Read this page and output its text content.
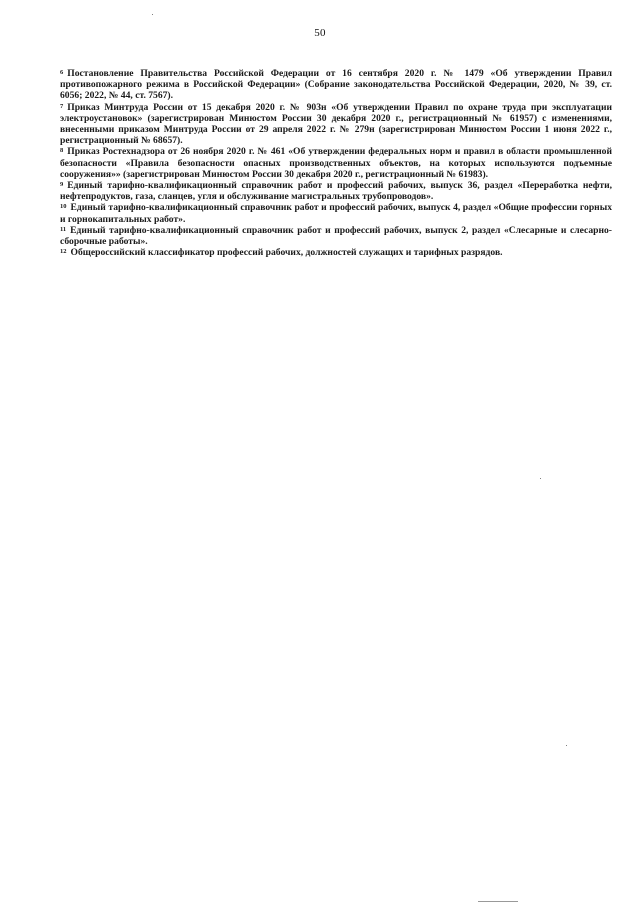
50

$^6$ Постановление Правительства Российской Федерации от 16 сентября 2020 г. № 1479 «Об утверждении Правил противопожарного режима в Российской Федерации» (Собрание законодательства Российской Федерации, 2020, № 39, ст. 6056; 2022, № 44, ст. 7567).

$^7$ Приказ Минтруда России от 15 декабря 2020 г. № 903н «Об утверждении Правил по охране труда при эксплуатации электроустановок» (зарегистрирован Минюстом России 30 декабря 2020 г., регистрационный № 61957) с изменениями, внесенными приказом Минтруда России от 29 апреля 2022 г. № 279н (зарегистрирован Минюстом России 1 июня 2022 г., регистрационный № 68657).

$^8$ Приказ Ростехнадзора от 26 ноября 2020 г. № 461 «Об утверждении федеральных норм и правил в области промышленной безопасности «Правила безопасности опасных производственных объектов, на которых используются подъемные сооружения»» (зарегистрирован Минюстом России 30 декабря 2020 г., регистрационный № 61983).

$^9$ Единый тарифно-квалификационный справочник работ и профессий рабочих, выпуск 36, раздел «Переработка нефти, нефтепродуктов, газа, сланцев, угля и обслуживание магистральных трубопроводов».

$^{10}$ Единый тарифно-квалификационный справочник работ и профессий рабочих, выпуск 4, раздел «Общие профессии горных и горнокапитальных работ».

$^{11}$ Единый тарифно-квалификационный справочник работ и профессий рабочих, выпуск 2, раздел «Слесарные и слесарно-сборочные работы».

$^{12}$ Общероссийский классификатор профессий рабочих, должностей служащих и тарифных разрядов.
